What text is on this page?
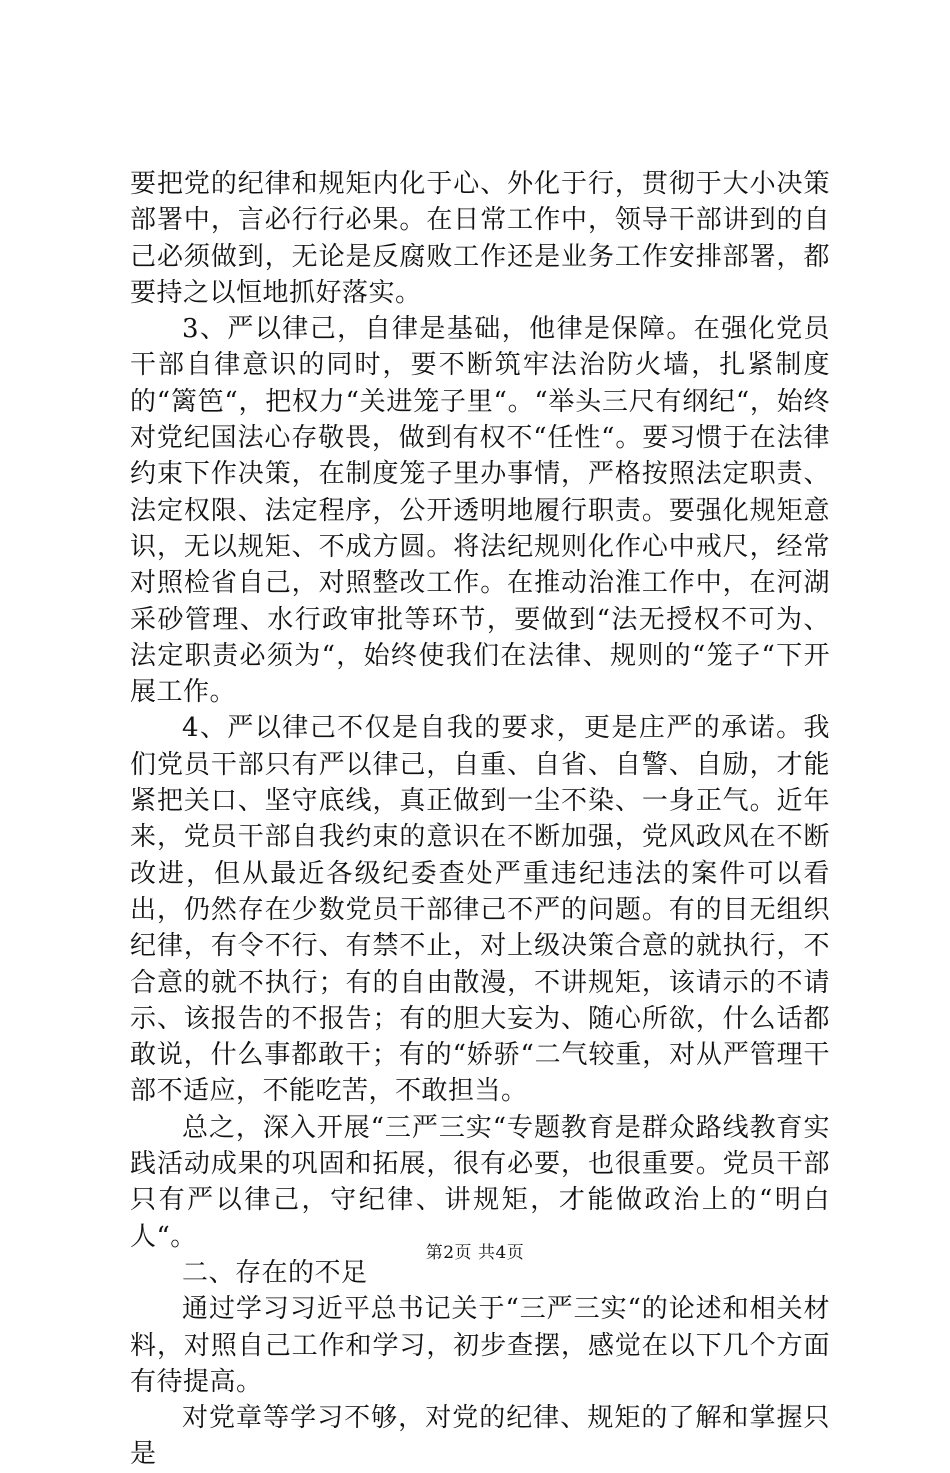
要把党的纪律和规矩内化于心、外化于行，贯彻于大小决策部署中，言必行行必果。在日常工作中，领导干部讲到的自己必须做到，无论是反腐败工作还是业务工作安排部署，都要持之以恒地抓好落实。

3、严以律己，自律是基础，他律是保障。在强化党员干部自律意识的同时，要不断筑牢法治防火墙，扎紧制度的“篱笆“，把权力“关进笼子里“。“举头三尺有纲纪“，始终对党纪国法心存敬畏，做到有权不“任性“。要习惯于在法律约束下作决策，在制度笼子里办事情，严格按照法定职责、法定权限、法定程序，公开透明地履行职责。要强化规矩意识，无以规矩、不成方圆。将法纪规则化作心中戒尺，经常对照检省自己，对照整改工作。在推动治淮工作中，在河湖采砂管理、水行政审批等环节，要做到“法无授权不可为、法定职责必须为“，始终使我们在法律、规则的“笼子“下开展工作。

4、严以律己不仅是自我的要求，更是庄严的承诺。我们党员干部只有严以律己，自重、自省、自警、自励，才能紧把关口、坚守底线，真正做到一尘不染、一身正气。近年来，党员干部自我约束的意识在不断加强，党风政风在不断改进，但从最近各级纪委查处严重违纪违法的案件可以看出，仍然存在少数党员干部律己不严的问题。有的目无组织纪律，有令不行、有禁不止，对上级决策合意的就执行，不合意的就不执行；有的自由散漫，不讲规矩，该请示的不请示、该报告的不报告；有的胆大妄为、随心所欲，什么话都敢说，什么事都敢干；有的“娇骄“二气较重，对从严管理干部不适应，不能吃苦，不敢担当。

总之，深入开展“三严三实“专题教育是群众路线教育实践活动成果的巩固和拓展，很有必要，也很重要。党员干部只有严以律己，守纪律、讲规矩，才能做政治上的“明白人“。

二、存在的不足

通过学习习近平总书记关于“三严三实“的论述和相关材料，对照自己工作和学习，初步查摆，感觉在以下几个方面有待提高。

对党章等学习不够，对党的纪律、规矩的了解和掌握只是

第2页 共4页
